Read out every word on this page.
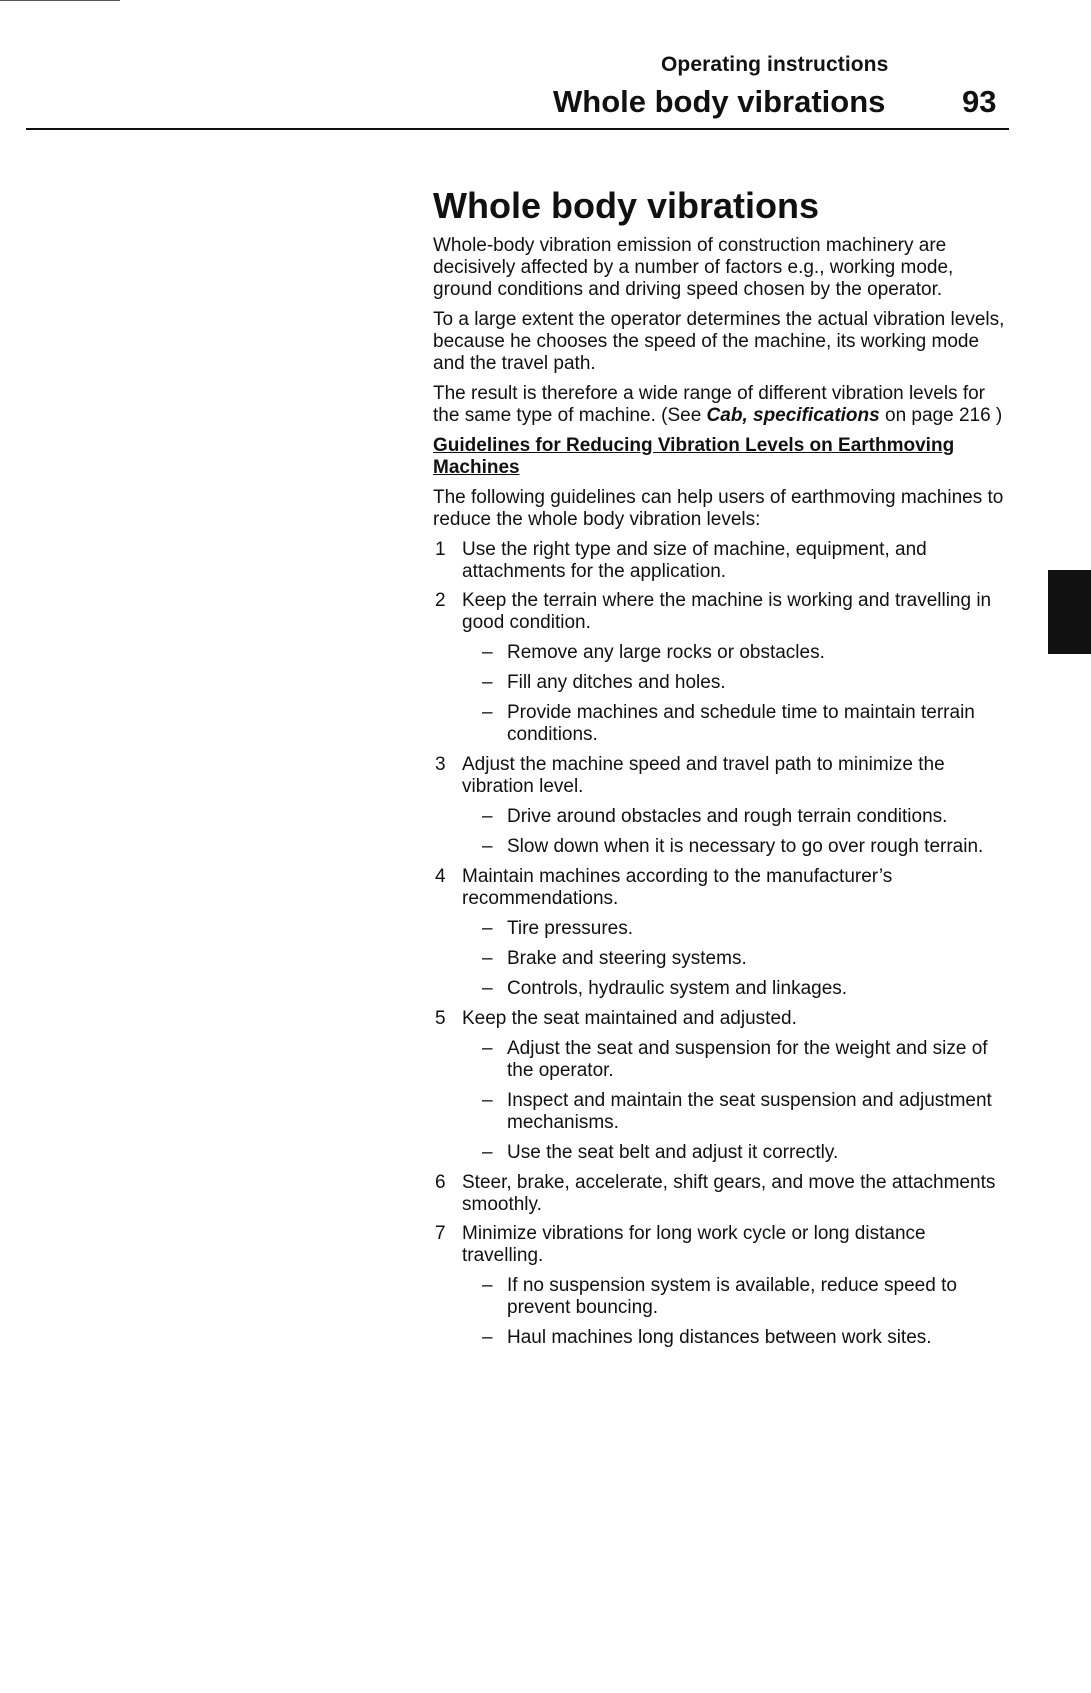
Operating instructions
Whole body vibrations 93
Whole body vibrations

Whole-body vibration emission of construction machinery are decisively affected by a number of factors e.g., working mode, ground conditions and driving speed chosen by the operator.

To a large extent the operator determines the actual vibration levels, because he chooses the speed of the machine, its working mode and the travel path.

The result is therefore a wide range of different vibration levels for the same type of machine. (See Cab, specifications on page 216 )

Guidelines for Reducing Vibration Levels on Earthmoving Machines

The following guidelines can help users of earthmoving machines to reduce the whole body vibration levels:

1 Use the right type and size of machine, equipment, and attachments for the application.
2 Keep the terrain where the machine is working and travelling in good condition.
– Remove any large rocks or obstacles.
– Fill any ditches and holes.
– Provide machines and schedule time to maintain terrain conditions.
3 Adjust the machine speed and travel path to minimize the vibration level.
– Drive around obstacles and rough terrain conditions.
– Slow down when it is necessary to go over rough terrain.
4 Maintain machines according to the manufacturer’s recommendations.
– Tire pressures.
– Brake and steering systems.
– Controls, hydraulic system and linkages.
5 Keep the seat maintained and adjusted.
– Adjust the seat and suspension for the weight and size of the operator.
– Inspect and maintain the seat suspension and adjustment mechanisms.
– Use the seat belt and adjust it correctly.
6 Steer, brake, accelerate, shift gears, and move the attachments smoothly.
7 Minimize vibrations for long work cycle or long distance travelling.
– If no suspension system is available, reduce speed to prevent bouncing.
– Haul machines long distances between work sites.
